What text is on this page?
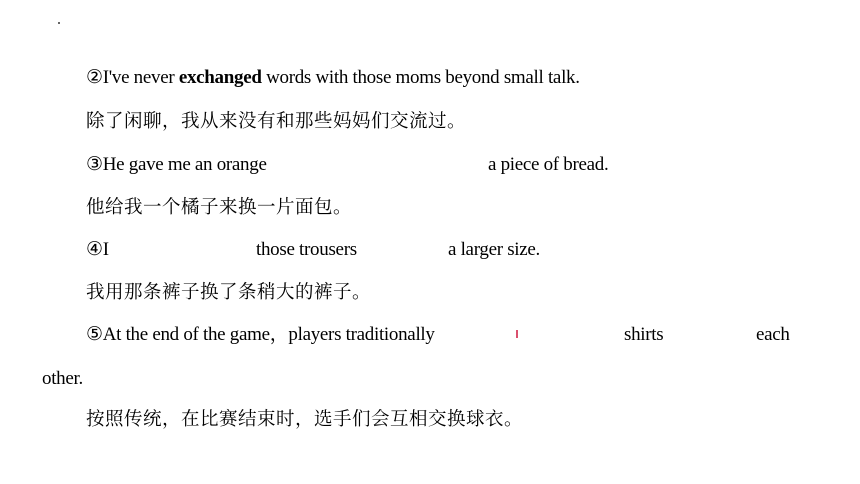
②I've never exchanged words with those moms beyond small talk.
除了闲聊，我从来没有和那些妈妈们交流过。
③He gave me an orange	a piece of bread.
他给我一个橘子来换一片面包。
④I	those trousers	a larger size.
我用那条裤子换了条稍大的裤子。
⑤At the end of the game，players traditionally	shirts	each
other.
按照传统，在比赛结束时，选手们会互相交换球衣。
